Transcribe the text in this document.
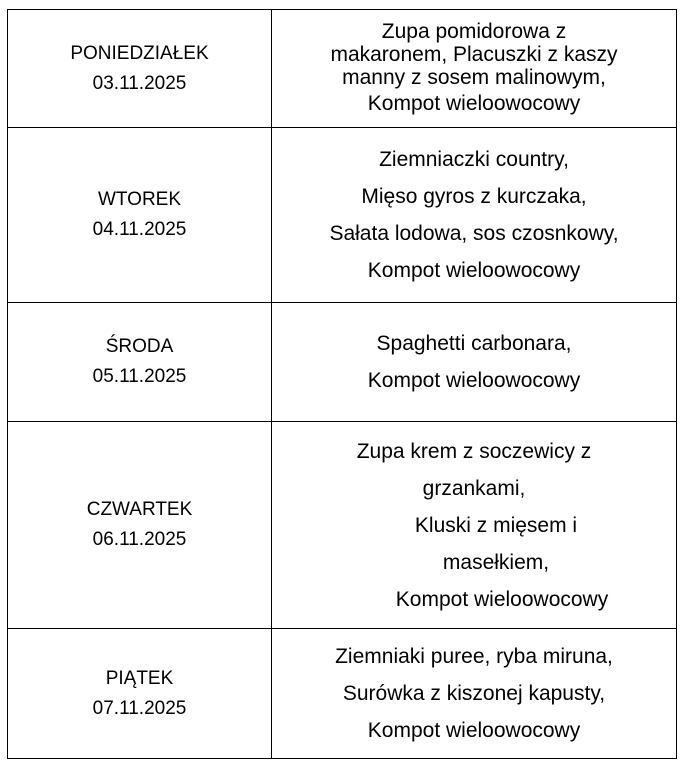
PONIEDZIAŁEK
03.11.2025	Zupa pomidorowa z
makaronem, Placuszki z kaszy
manny z sosem malinowym,
Kompot wieloowocowy

WTOREK
04.11.2025	Ziemniaczki country,
Mięso gyros z kurczaka,
Sałata lodowa, sos czosnkowy,
Kompot wieloowocowy

ŚRODA
05.11.2025	Spaghetti carbonara,
Kompot wieloowocowy

CZWARTEK
06.11.2025	Zupa krem z soczewicy z
grzankami,
Kluski z mięsem i
masełkiem,
Kompot wieloowocowy

PIĄTEK
07.11.2025	Ziemniaki puree, ryba miruna,
Surówka z kiszonej kapusty,
Kompot wieloowocowy
